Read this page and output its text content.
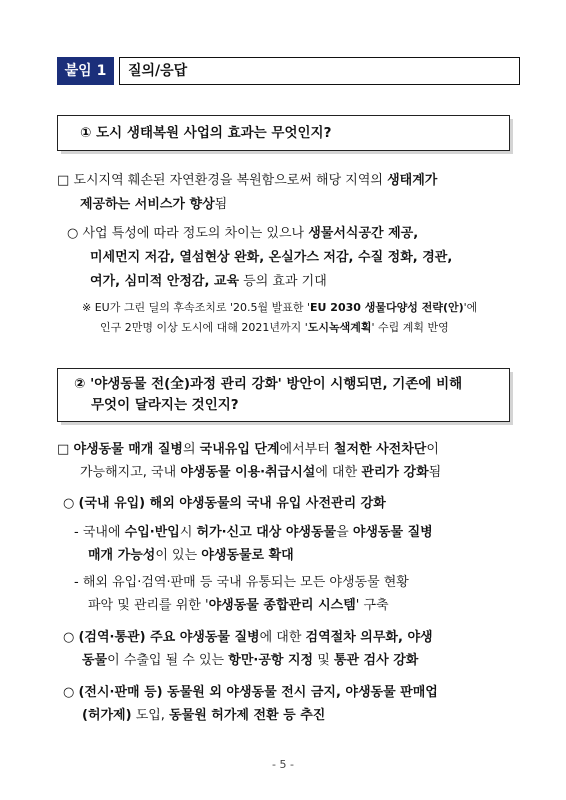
붙임 1	질의/응답
① 도시 생태복원 사업의 효과는 무엇인지?
□ 도시지역 훼손된 자연환경을 복원함으로써 해당 지역의 생태계가
제공하는 서비스가 향상됨
○ 사업 특성에 따라 정도의 차이는 있으나 생물서식공간 제공,
미세먼지 저감, 열섬현상 완화, 온실가스 저감, 수질 정화, 경관,
여가, 심미적 안정감, 교육 등의 효과 기대
※ EU가 그린 딜의 후속조치로 '20.5월 발표한 'EU 2030 생물다양성 전략(안)'에
인구 2만명 이상 도시에 대해 2021년까지 '도시녹색계획' 수립 계획 반영
② '야생동물 전(全)과정 관리 강화' 방안이 시행되면, 기존에 비해
무엇이 달라지는 것인지?
□ 야생동물 매개 질병의 국내유입 단계에서부터 철저한 사전차단이
가능해지고, 국내 야생동물 이용·취급시설에 대한 관리가 강화됨
○ (국내 유입) 해외 야생동물의 국내 유입 사전관리 강화
- 국내에 수입·반입시 허가·신고 대상 야생동물을 야생동물 질병
매개 가능성이 있는 야생동물로 확대
- 해외 유입·검역·판매 등 국내 유통되는 모든 야생동물 현황
파악 및 관리를 위한 '야생동물 종합관리 시스템' 구축
○ (검역·통관) 주요 야생동물 질병에 대한 검역절차 의무화, 야생
동물이 수출입 될 수 있는 항만·공항 지정 및 통관 검사 강화
○ (전시·판매 등) 동물원 외 야생동물 전시 금지, 야생동물 판매업
(허가제) 도입, 동물원 허가제 전환 등 추진
- 5 -
